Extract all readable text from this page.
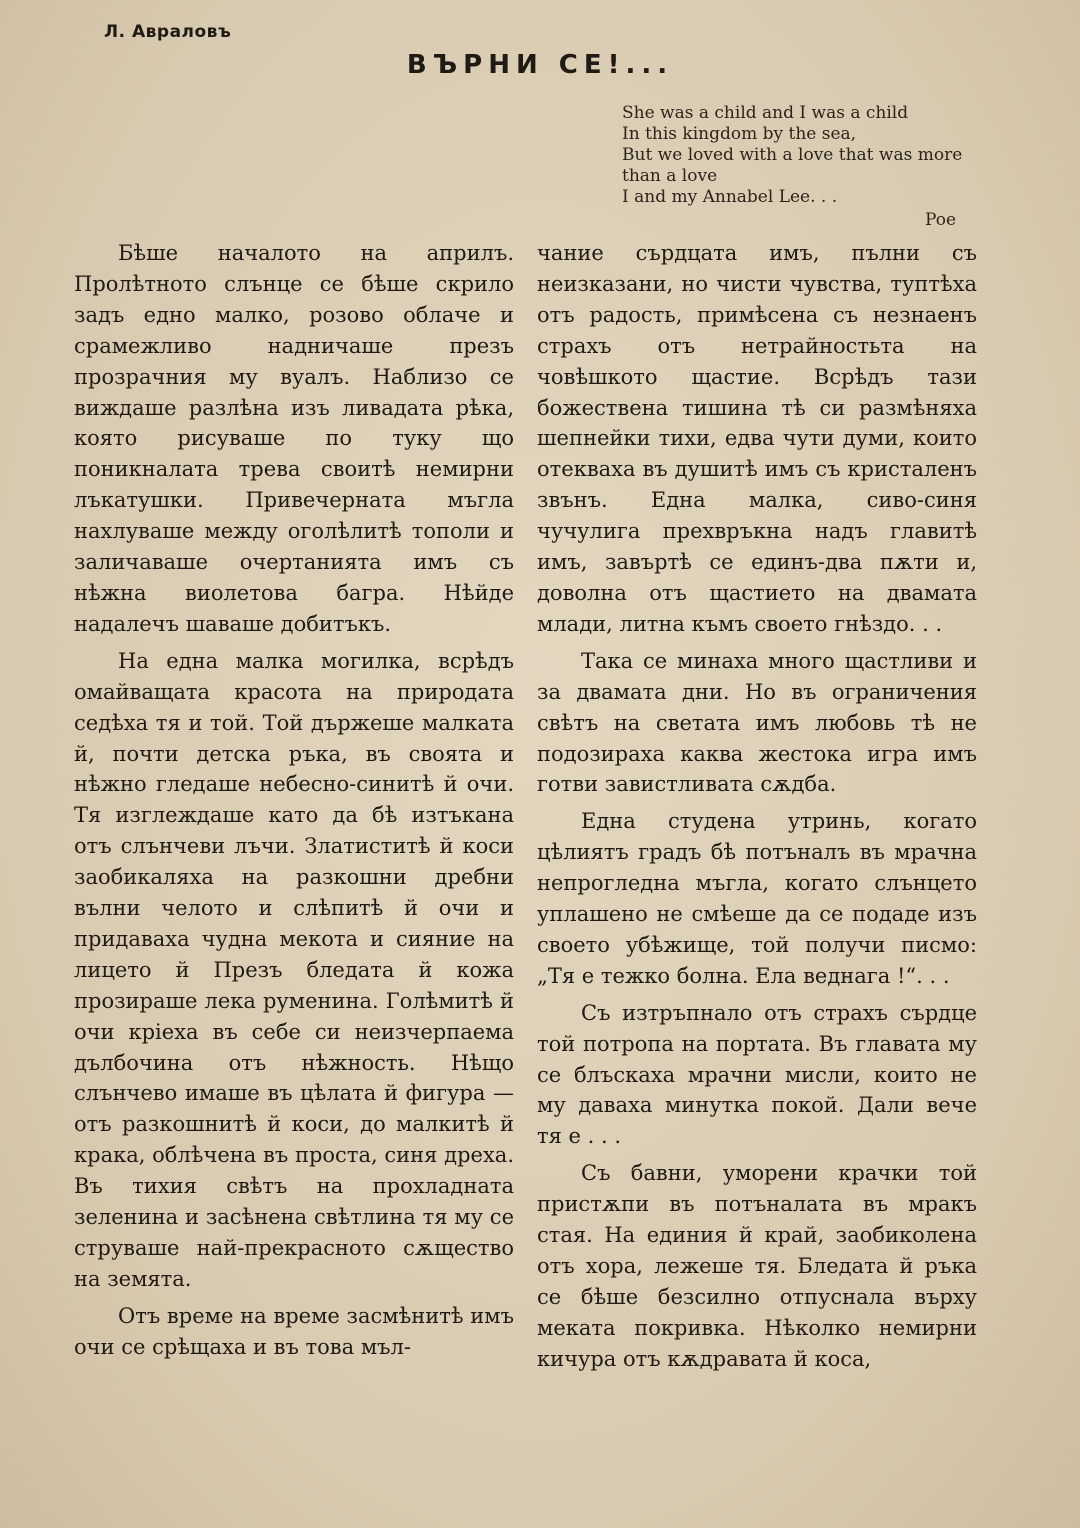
Л. Авраловъ
ВЪРНИ СЕ!...
She was a child and I was a child
In this kingdom by the sea,
But we loved with a love that was more
than a love
I and my Annabel Lee. . .
Poe

Бѣше началото на априлъ. Пролѣтното слънце се бѣше скрило задъ едно малко, розово облаче и срамежливо надничаше презъ прозрачния му вуалъ. Наблизо се виждаше разлѣна изъ ливадата рѣка, която рисуваше по туку що поникналата трева своитѣ немирни лъкатушки. Привечерната мъгла нахлуваше между оголѣлитѣ тополи и заличаваше очертанията имъ съ нѣжна виолетова багра. Нѣйде надалечъ шаваше добитъкъ.

На една малка могилка, всрѣдъ омайващата красота на природата седѣха тя и той. Той държеше малката й, почти детска ръка, въ своята и нѣжно гледаше небесно-синитѣ й очи. Тя изглеждаше като да бѣ изтъкана отъ слънчеви лъчи. Златиститѣ й коси заобикаляха на разкошни дребни вълни челото и слѣпитѣ й очи и придаваха чудна мекота и сияние на лицето й Презъ бледата й кожа прозираше лека руменина. Голѣмитѣ й очи крieха въ себе си неизчерпаема дълбочина отъ нѣжность. Нѣщо слънчево имаше въ цѣлата й фигура — отъ разкошнитѣ й коси, до малкитѣ й крака, облѣчена въ проста, синя дреха. Въ тихия свѣтъ на прохладната зеленина и засѣнена свѣтлина тя му се струваше най-прекрасното сѫщество на земята.

Отъ време на време засмѣнитѣ имъ очи се срѣщаха и въ това мъл-

чание сърдцата имъ, пълни съ неизказани, но чисти чувства, туптѣха отъ радость, примѣсена съ незнаенъ страхъ отъ нетрайностьта на човѣшкото щастие. Всрѣдъ тази божествена тишина тѣ си размѣняха шепнейки тихи, едва чути думи, които отекваха въ душитѣ имъ съ кристаленъ звънъ. Една малка, сиво-синя чучулига прехвръкна надъ главитѣ имъ, завъртѣ се единъ-два пѫти и, доволна отъ щастието на двамата млади, литна къмъ своето гнѣздо. . .

Така се минаха много щастливи и за двамата дни. Но въ ограничения свѣтъ на светата имъ любовь тѣ не подозираха каква жестока игра имъ готви завистливата сѫдба.

Една студена утринь, когато цѣлиятъ градъ бѣ потъналъ въ мрачна непрогледна мъгла, когато слънцето уплашено не смѣеше да се подаде изъ своето убѣжище, той получи писмо: „Тя е тежко болна. Ела веднага !“. . .

Съ изтръпнало отъ страхъ сърдце той потропа на портата. Въ главата му се блъскаха мрачни мисли, които не му даваха минутка покой. Дали вече тя е . . .

Съ бавни, уморени крачки той пристѫпи въ потъналата въ мракъ стая. На единия й край, заобиколена отъ хора, лежеше тя. Бледата й ръка се бѣше безсилно отпуснала върху меката покривка. Нѣколко немирни кичура отъ кѫдравата й коса,
